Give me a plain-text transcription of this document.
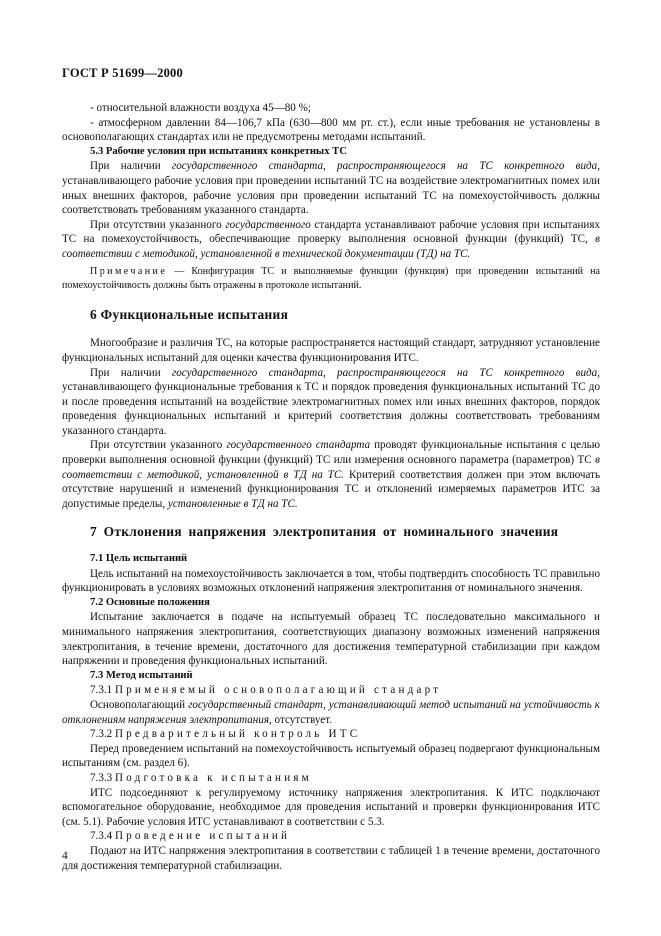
ГОСТ Р 51699—2000

- относительной влажности воздуха 45—80 %;

- атмосферном давлении 84—106,7 кПа (630—800 мм рт. ст.), если иные требования не установлены в основополагающих стандартах или не предусмотрены методами испытаний.

5.3 Рабочие условия при испытаниях конкретных ТС

При наличии государственного стандарта, распространяющегося на ТС конкретного вида, устанавливающего рабочие условия при проведении испытаний ТС на воздействие электромагнитных помех или иных внешних факторов, рабочие условия при проведении испытаний ТС на помехоустойчивость должны соответствовать требованиям указанного стандарта.

При отсутствии указанного государственного стандарта устанавливают рабочие условия при испытаниях ТС на помехоустойчивость, обеспечивающие проверку выполнения основной функции (функций) ТС, в соответствии с методикой, установленной в технической документации (ТД) на ТС.

Примечание — Конфигурация ТС и выполняемые функции (функция) при проведении испытаний на помехоустойчивость должны быть отражены в протоколе испытаний.

6 Функциональные испытания

Многообразие и различия ТС, на которые распространяется настоящий стандарт, затрудняют установление функциональных испытаний для оценки качества функционирования ИТС.

При наличии государственного стандарта, распространяющегося на ТС конкретного вида, устанавливающего функциональные требования к ТС и порядок проведения функциональных испытаний ТС до и после проведения испытаний на воздействие электромагнитных помех или иных внешних факторов, порядок проведения функциональных испытаний и критерий соответствия должны соответствовать требованиям указанного стандарта.

При отсутствии указанного государственного стандарта проводят функциональные испытания с целью проверки выполнения основной функции (функций) ТС или измерения основного параметра (параметров) ТС в соответствии с методикой, установленной в ТД на ТС. Критерий соответствия должен при этом включать отсутствие нарушений и изменений функционирования ТС и отклонений измеряемых параметров ИТС за допустимые пределы, установленные в ТД на ТС.

7 Отклонения напряжения электропитания от номинального значения

7.1 Цель испытаний

Цель испытаний на помехоустойчивость заключается в том, чтобы подтвердить способность ТС правильно функционировать в условиях возможных отклонений напряжения электропитания от номинального значения.

7.2 Основные положения

Испытание заключается в подаче на испытуемый образец ТС последовательно максимального и минимального напряжения электропитания, соответствующих диапазону возможных изменений напряжения электропитания, в течение времени, достаточного для достижения температурной стабилизации при каждом напряжении и проведения функциональных испытаний.

7.3 Метод испытаний

7.3.1 Применяемый основополагающий стандарт

Основополагающий государственный стандарт, устанавливающий метод испытаний на устойчивость к отклонениям напряжения электропитания, отсутствует.

7.3.2 Предварительный контроль ИТС

Перед проведением испытаний на помехоустойчивость испытуемый образец подвергают функциональным испытаниям (см. раздел 6).

7.3.3 Подготовка к испытаниям

ИТС подсоединяют к регулируемому источнику напряжения электропитания. К ИТС подключают вспомогательное оборудование, необходимое для проведения испытаний и проверки функционирования ИТС (см. 5.1). Рабочие условия ИТС устанавливают в соответствии с 5.3.

7.3.4 Проведение испытаний

Подают на ИТС напряжения электропитания в соответствии с таблицей 1 в течение времени, достаточного для достижения температурной стабилизации.

4
